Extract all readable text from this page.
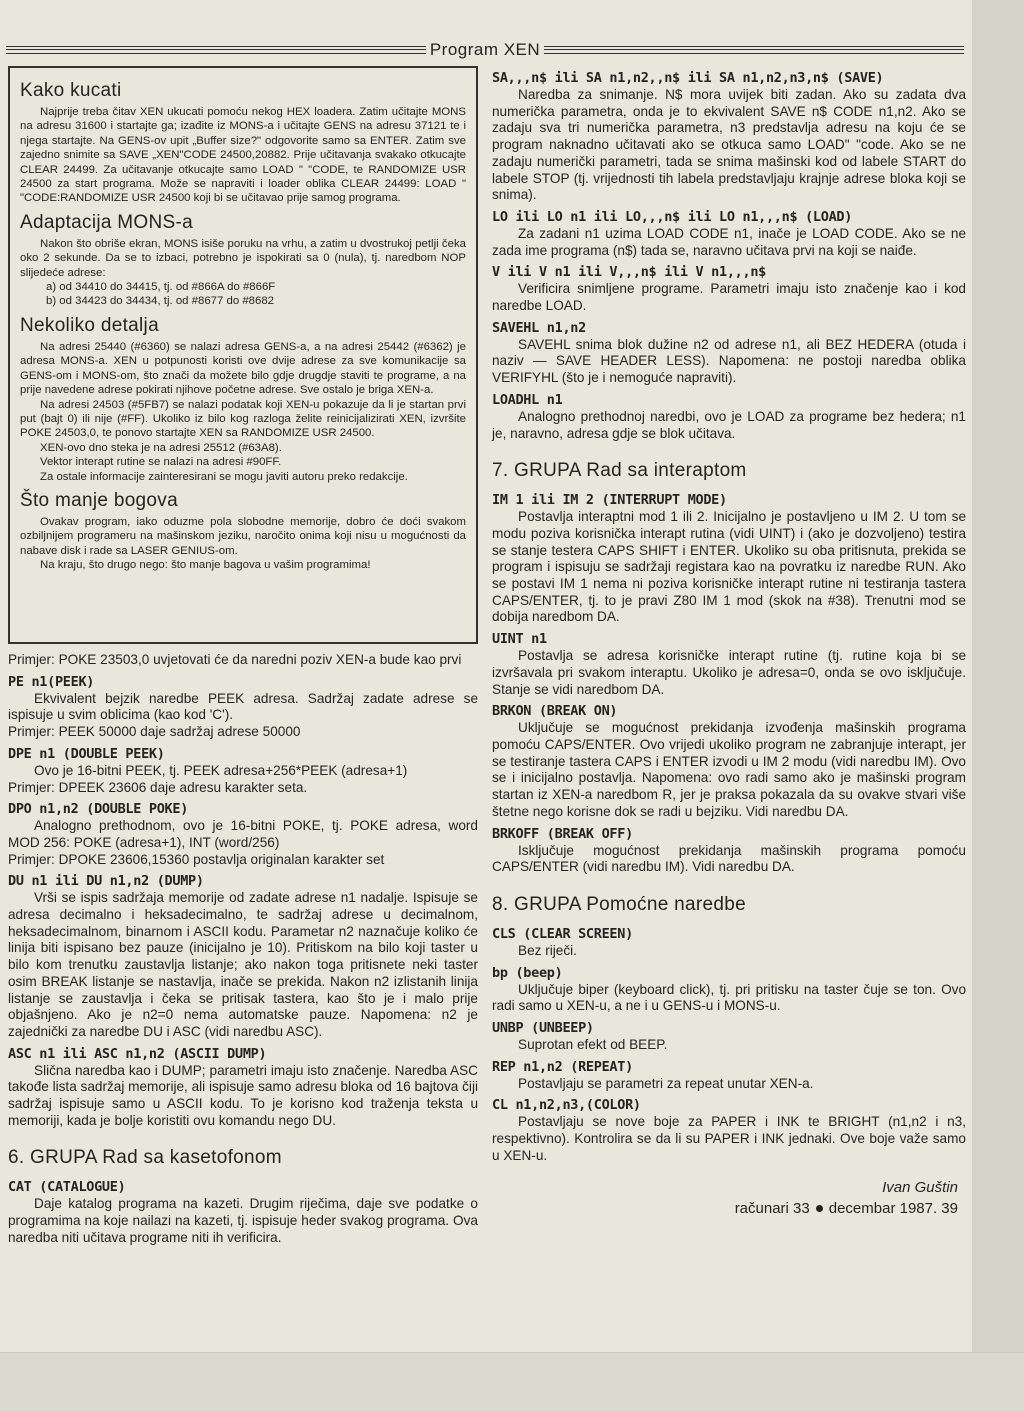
Program XEN
Kako kucati

Najprije treba čitav XEN ukucati pomoću nekog HEX loadera. Zatim učitajte MONS na adresu 31600 i startajte ga; izađite iz MONS-a i učitajte GENS na adresu 37121 te i njega startajte. Na GENS-ov upit „Buffer size?" odgovorite samo sa ENTER. Zatim sve zajedno snimite sa SAVE „XEN"CODE 24500,20882. Prije učitavanja svakako otkucajte CLEAR 24499. Za učitavanje otkucajte samo LOAD " "CODE, te RANDOMIZE USR 24500 za start programa. Može se napraviti i loader oblika CLEAR 24499: LOAD " "CODE:RANDOMIZE USR 24500 koji bi se učitavao prije samog programa.

Adaptacija MONS-a

Nakon što obriše ekran, MONS isiše poruku na vrhu, a zatim u dvostrukoj petlji čeka oko 2 sekunde. Da se to izbaci, potrebno je ispokirati sa 0 (nula), tj. naredbom NOP slijedeće adrese:

a) od 34410 do 34415, tj. od #866A do #866F
b) od 34423 do 34434, tj. od #8677 do #8682
Nekoliko detalja

Na adresi 25440 (#6360) se nalazi adresa GENS-a, a na adresi 25442 (#6362) je adresa MONS-a. XEN u potpunosti koristi ove dvije adrese za sve komunikacije sa GENS-om i MONS-om, što znači da možete bilo gdje drugdje staviti te programe, a na prije navedene adrese pokirati njihove početne adrese. Sve ostalo je briga XEN-a.

Na adresi 24503 (#5FB7) se nalazi podatak koji XEN-u pokazuje da li je startan prvi put (bajt 0) ili nije (#FF). Ukoliko iz bilo kog razloga želite reinicijalizirati XEN, izvršite POKE 24503,0, te ponovo startajte XEN sa RANDOMIZE USR 24500.

XEN-ovo dno steka je na adresi 25512 (#63A8).

Vektor interapt rutine se nalazi na adresi #90FF.

Za ostale informacije zainteresirani se mogu javiti autoru preko redakcije.

Što manje bogova

Ovakav program, iako oduzme pola slobodne memorije, dobro će doći svakom ozbiljnijem programeru na mašinskom jeziku, naročito onima koji nisu u mogućnosti da nabave disk i rade sa LASER GENIUS-om.

Na kraju, što drugo nego: što manje bagova u vašim programima!

Primjer: POKE 23503,0 uvjetovati će da naredni poziv XEN-a bude kao prvi

PE n1(PEEK)

Ekvivalent bejzik naredbe PEEK adresa. Sadržaj zadate adrese se ispisuje u svim oblicima (kao kod 'C').

Primjer: PEEK 50000 daje sadržaj adrese 50000

DPE n1 (DOUBLE PEEK)

Ovo je 16-bitni PEEK, tj. PEEK adresa+256*PEEK (adresa+1)

Primjer: DPEEK 23606 daje adresu karakter seta.

DPO n1,n2 (DOUBLE POKE)

Analogno prethodnom, ovo je 16-bitni POKE, tj. POKE adresa, word MOD 256: POKE (adresa+1), INT (word/256)

Primjer: DPOKE 23606,15360 postavlja originalan karakter set

DU n1 ili DU n1,n2 (DUMP)

Vrši se ispis sadržaja memorije od zadate adrese n1 nadalje. Ispisuje se adresa decimalno i heksadecimalno, te sadržaj adrese u decimalnom, heksadecimalnom, binarnom i ASCII kodu. Parametar n2 naznačuje koliko će linija biti ispisano bez pauze (inicijalno je 10). Pritiskom na bilo koji taster u bilo kom trenutku zaustavlja listanje; ako nakon toga pritisnete neki taster osim BREAK listanje se nastavlja, inače se prekida. Nakon n2 izlistanih linija listanje se zaustavlja i čeka se pritisak tastera, kao što je i malo prije objašnjeno. Ako je n2=0 nema automatske pauze. Napomena: n2 je zajednički za naredbe DU i ASC (vidi naredbu ASC).

ASC n1 ili ASC n1,n2 (ASCII DUMP)

Slična naredba kao i DUMP; parametri imaju isto značenje. Naredba ASC takođe lista sadržaj memorije, ali ispisuje samo adresu bloka od 16 bajtova čiji sadržaj ispisuje samo u ASCII kodu. To je korisno kod traženja teksta u memoriji, kada je bolje koristiti ovu komandu nego DU.

6. GRUPA Rad sa kasetofonom
CAT (CATALOGUE)

Daje katalog programa na kazeti. Drugim riječima, daje sve podatke o programima na koje nailazi na kazeti, tj. ispisuje heder svakog programa. Ova naredba niti učitava programe niti ih verificira.

SA,,,n$ ili SA n1,n2,,n$ ili SA n1,n2,n3,n$ (SAVE)

Naredba za snimanje. N$ mora uvijek biti zadan. Ako su zadata dva numerička parametra, onda je to ekvivalent SAVE n$ CODE n1,n2. Ako se zadaju sva tri numerička parametra, n3 predstavlja adresu na koju će se program naknadno učitavati ako se otkuca samo LOAD" "code. Ako se ne zadaju numerički parametri, tada se snima mašinski kod od labele START do labele STOP (tj. vrijednosti tih labela predstavljaju krajnje adrese bloka koji se snima).

LO ili LO n1 ili LO,,,n$ ili LO n1,,,n$ (LOAD)

Za zadani n1 uzima LOAD CODE n1, inače je LOAD CODE. Ako se ne zada ime programa (n$) tada se, naravno učitava prvi na koji se naiđe.

V ili V n1 ili V,,,n$ ili V n1,,,n$

Verificira snimljene programe. Parametri imaju isto značenje kao i kod naredbe LOAD.

SAVEHL n1,n2

SAVEHL snima blok dužine n2 od adrese n1, ali BEZ HEDERA (otuda i naziv — SAVE HEADER LESS). Napomena: ne postoji naredba oblika VERIFYHL (što je i nemoguće napraviti).

LOADHL n1

Analogno prethodnoj naredbi, ovo je LOAD za programe bez hedera; n1 je, naravno, adresa gdje se blok učitava.

7. GRUPA Rad sa interaptom
IM 1 ili IM 2 (INTERRUPT MODE)

Postavlja interaptni mod 1 ili 2. Inicijalno je postavljeno u IM 2. U tom se modu poziva korisnička interapt rutina (vidi UINT) i (ako je dozvoljeno) testira se stanje testera CAPS SHIFT i ENTER. Ukoliko su oba pritisnuta, prekida se program i ispisuju se sadržaji registara kao na povratku iz naredbe RUN. Ako se postavi IM 1 nema ni poziva korisničke interapt rutine ni testiranja tastera CAPS/ENTER, tj. to je pravi Z80 IM 1 mod (skok na #38). Trenutni mod se dobija naredbom DA.

UINT n1

Postavlja se adresa korisničke interapt rutine (tj. rutine koja bi se izvršavala pri svakom interaptu. Ukoliko je adresa=0, onda se ovo isključuje. Stanje se vidi naredbom DA.

BRKON (BREAK ON)

Uključuje se mogućnost prekidanja izvođenja mašinskih programa pomoću CAPS/ENTER. Ovo vrijedi ukoliko program ne zabranjuje interapt, jer se testiranje tastera CAPS i ENTER izvodi u IM 2 modu (vidi naredbu IM). Ovo se i inicijalno postavlja. Napomena: ovo radi samo ako je mašinski program startan iz XEN-a naredbom R, jer je praksa pokazala da su ovakve stvari više štetne nego korisne dok se radi u bejziku. Vidi naredbu DA.

BRKOFF (BREAK OFF)

Isključuje mogućnost prekidanja mašinskih programa pomoću CAPS/ENTER (vidi naredbu IM). Vidi naredbu DA.

8. GRUPA Pomoćne naredbe
CLS (CLEAR SCREEN)

Bez riječi.

bp (beep)

Uključuje biper (keyboard click), tj. pri pritisku na taster čuje se ton. Ovo radi samo u XEN-u, a ne i u GENS-u i MONS-u.

UNBP (UNBEEP)

Suprotan efekt od BEEP.

REP n1,n2 (REPEAT)

Postavljaju se parametri za repeat unutar XEN-a.

CL n1,n2,n3,(COLOR)

Postavljaju se nove boje za PAPER i INK te BRIGHT (n1,n2 i n3, respektivno). Kontrolira se da li su PAPER i INK jednaki. Ove boje važe samo u XEN-u.

Ivan Guštin
računari 33 decembar 1987. 39
